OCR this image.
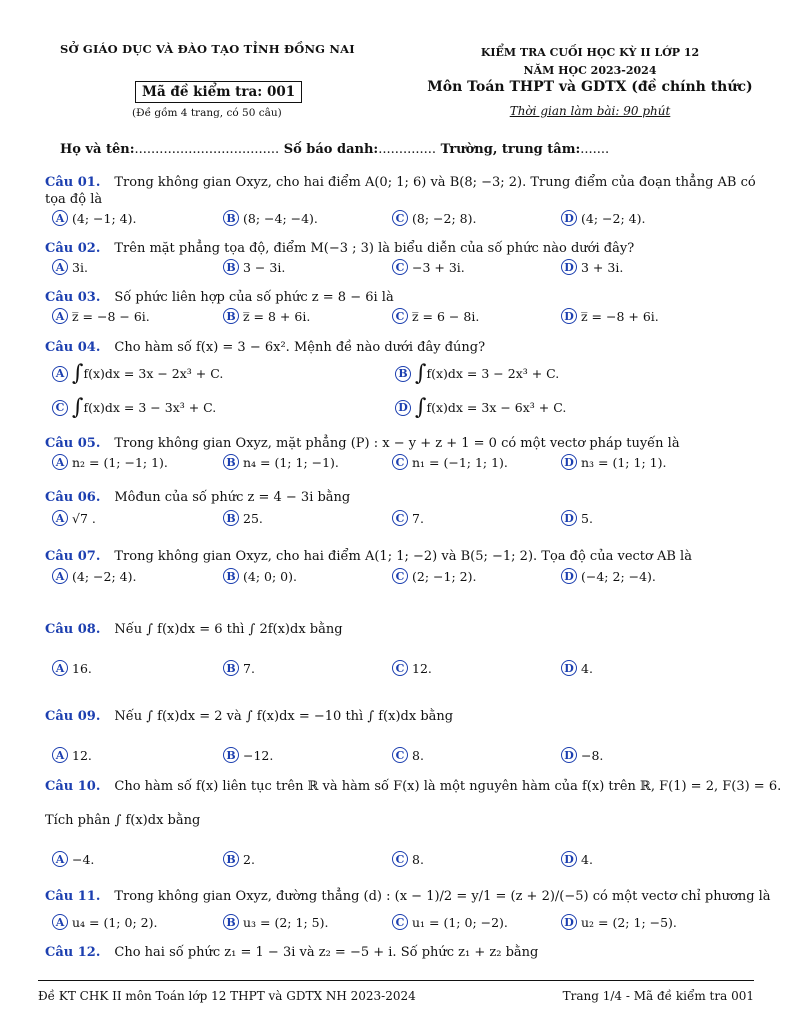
SỞ GIÁO DỤC VÀ ĐÀO TẠO TỈNH ĐỒNG NAI	KIỂM TRA CUỐI HỌC KỲ II LỚP 12
NĂM HỌC 2023-2024
Môn Toán THPT và GDTX (đề chính thức)
Thời gian làm bài: 90 phút
Mã đề kiểm tra: 001
(Đề gồm 4 trang, có 50 câu)
Họ và tên:................................... Số báo danh:.............. Trường, trung tâm:.......
Câu 01. Trong không gian Oxyz, cho hai điểm A(0; 1; 6) và B(8; −3; 2). Trung điểm của đoạn thẳng AB có
tọa độ là
A (4; −1; 4).	B (8; −4; −4).	C (8; −2; 8).	D (4; −2; 4).
Câu 02. Trên mặt phẳng tọa độ, điểm M(−3 ; 3) là biểu diễn của số phức nào dưới đây?
A 3i.	B 3 − 3i.	C −3 + 3i.	D 3 + 3i.
Câu 03. Số phức liên hợp của số phức z = 8 − 6i là
A z̅ = −8 − 6i.	B z̅ = 8 + 6i.	C z̅ = 6 − 8i.	D z̅ = −8 + 6i.
Câu 04. Cho hàm số f(x) = 3 − 6x². Mệnh đề nào dưới đây đúng?
A ∫ f(x)dx = 3x − 2x³ + C.	B ∫ f(x)dx = 3 − 2x³ + C.
C ∫ f(x)dx = 3 − 3x³ + C.	D ∫ f(x)dx = 3x − 6x³ + C.
Câu 05. Trong không gian Oxyz, mặt phẳng (P) : x − y + z + 1 = 0 có một vectơ pháp tuyến là
A n₂ = (1; −1; 1).	B n₄ = (1; 1; −1).	C n₁ = (−1; 1; 1).	D n₃ = (1; 1; 1).
Câu 06. Môđun của số phức z = 4 − 3i bằng
A √7 .	B 25.	C 7.	D 5.
Câu 07. Trong không gian Oxyz, cho hai điểm A(1; 1; −2) và B(5; −1; 2). Tọa độ của vectơ AB là
A (4; −2; 4).	B (4; 0; 0).	C (2; −1; 2).	D (−4; 2; −4).
Câu 08. Nếu ∫ f(x)dx = 6 thì ∫ 2f(x)dx bằng
A 16.	B 7.	C 12.	D 4.
Câu 09. Nếu ∫ f(x)dx = 2 và ∫ f(x)dx = −10 thì ∫ f(x)dx bằng
A 12.	B −12.	C 8.	D −8.
Câu 10. Cho hàm số f(x) liên tục trên ℝ và hàm số F(x) là một nguyên hàm của f(x) trên ℝ, F(1) = 2, F(3) = 6.
Tích phân ∫ f(x)dx bằng
A −4.	B 2.	C 8.	D 4.
Câu 11. Trong không gian Oxyz, đường thẳng (d) : (x − 1)/2 = y/1 = (z + 2)/(−5) có một vectơ chỉ phương là
A u₄ = (1; 0; 2).	B u₃ = (2; 1; 5).	C u₁ = (1; 0; −2).	D u₂ = (2; 1; −5).
Câu 12. Cho hai số phức z₁ = 1 − 3i và z₂ = −5 + i. Số phức z₁ + z₂ bằng
Đề KT CHK II môn Toán lớp 12 THPT và GDTX NH 2023-2024	Trang 1/4 - Mã đề kiểm tra 001
